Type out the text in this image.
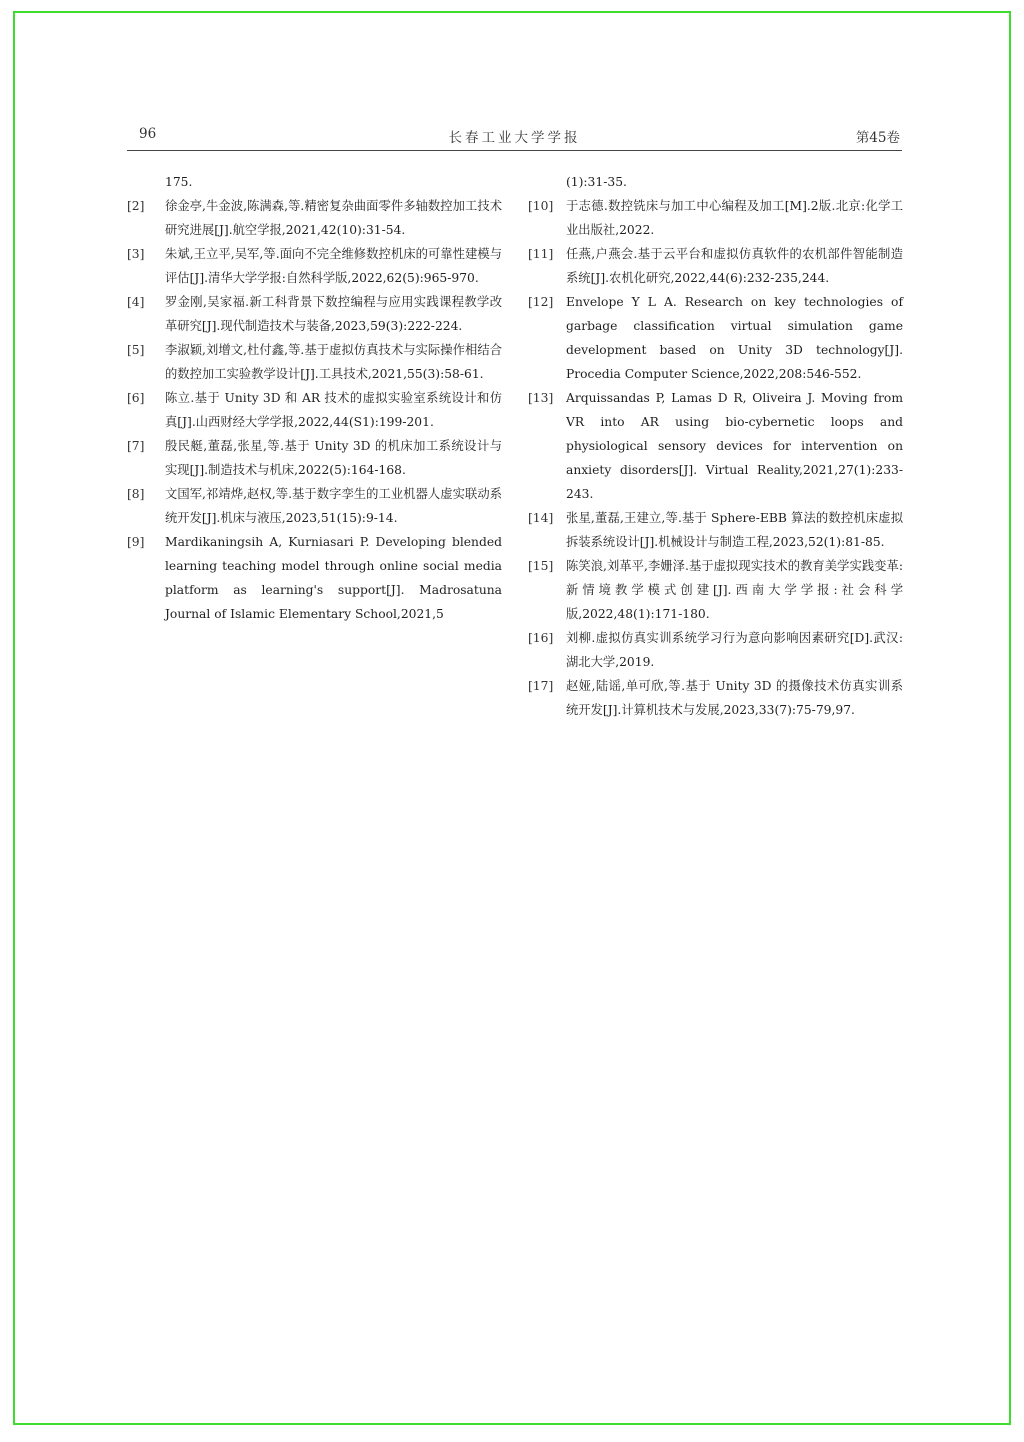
96	长春工业大学学报	第45卷
175.
[2]	徐金亭,牛金波,陈满森,等.精密复杂曲面零件多轴数控加工技术研究进展[J].航空学报,2021,42(10):31-54.
[3]	朱斌,王立平,吴军,等.面向不完全维修数控机床的可靠性建模与评估[J].清华大学学报:自然科学版,2022,62(5):965-970.
[4]	罗金刚,吴家福.新工科背景下数控编程与应用实践课程教学改革研究[J].现代制造技术与装备,2023,59(3):222-224.
[5]	李淑颖,刘增文,杜付鑫,等.基于虚拟仿真技术与实际操作相结合的数控加工实验教学设计[J].工具技术,2021,55(3):58-61.
[6]	陈立.基于 Unity 3D 和 AR 技术的虚拟实验室系统设计和仿真[J].山西财经大学学报,2022,44(S1):199-201.
[7]	殷民艇,董磊,张星,等.基于 Unity 3D 的机床加工系统设计与实现[J].制造技术与机床,2022(5):164-168.
[8]	文国军,祁靖烨,赵权,等.基于数字孪生的工业机器人虚实联动系统开发[J].机床与液压,2023,51(15):9-14.
[9]	Mardikaningsih A, Kurniasari P. Developing blended learning teaching model through online social media platform as learning's support[J]. Madrosatuna Journal of Islamic Elementary School,2021,5
(1):31-35.
[10]	于志德.数控铣床与加工中心编程及加工[M].2版.北京:化学工业出版社,2022.
[11]	任燕,户燕会.基于云平台和虚拟仿真软件的农机部件智能制造系统[J].农机化研究,2022,44(6):232-235,244.
[12]	Envelope Y L A. Research on key technologies of garbage classification virtual simulation game development based on Unity 3D technology[J]. Procedia Computer Science,2022,208:546-552.
[13]	Arquissandas P, Lamas D R, Oliveira J. Moving from VR into AR using bio-cybernetic loops and physiological sensory devices for intervention on anxiety disorders[J]. Virtual Reality,2021,27(1):233-243.
[14]	张星,董磊,王建立,等.基于 Sphere-EBB 算法的数控机床虚拟拆装系统设计[J].机械设计与制造工程,2023,52(1):81-85.
[15]	陈笑浪,刘革平,李姗泽.基于虚拟现实技术的教育美学实践变革:新情境教学模式创建[J].西南大学学报:社会科学版,2022,48(1):171-180.
[16]	刘柳.虚拟仿真实训系统学习行为意向影响因素研究[D].武汉:湖北大学,2019.
[17]	赵娅,陆谣,单可欣,等.基于 Unity 3D 的摄像技术仿真实训系统开发[J].计算机技术与发展,2023,33(7):75-79,97.
